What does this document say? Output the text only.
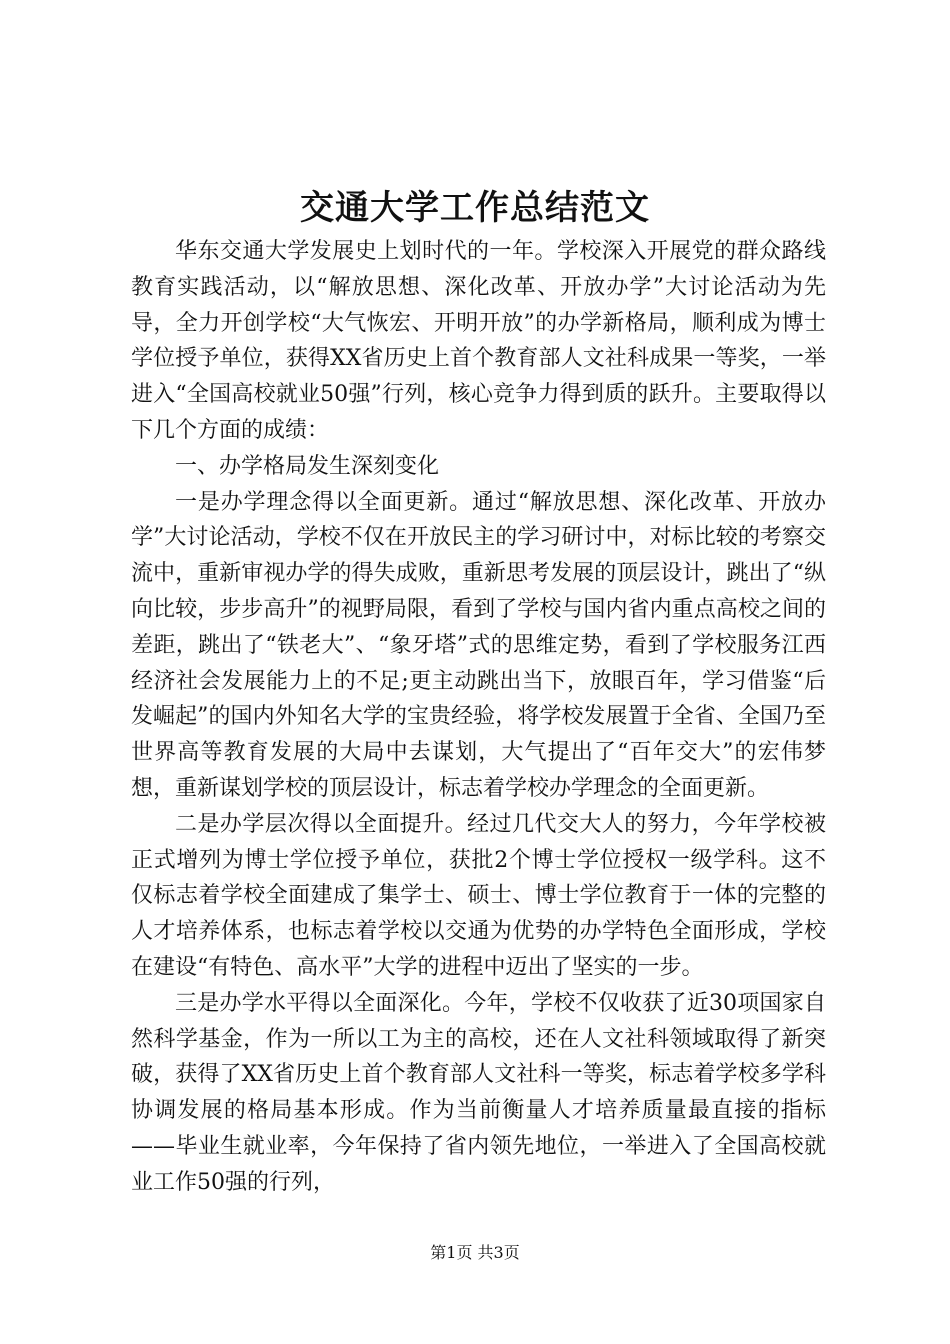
交通大学工作总结范文

华东交通大学发展史上划时代的一年。学校深入开展党的群众路线教育实践活动，以“解放思想、深化改革、开放办学”大讨论活动为先导，全力开创学校“大气恢宏、开明开放”的办学新格局，顺利成为博士学位授予单位，获得XX省历史上首个教育部人文社科成果一等奖，一举进入“全国高校就业50强”行列，核心竞争力得到质的跃升。主要取得以下几个方面的成绩：

一、办学格局发生深刻变化

一是办学理念得以全面更新。通过“解放思想、深化改革、开放办学”大讨论活动，学校不仅在开放民主的学习研讨中，对标比较的考察交流中，重新审视办学的得失成败，重新思考发展的顶层设计，跳出了“纵向比较，步步高升”的视野局限，看到了学校与国内省内重点高校之间的差距，跳出了“铁老大”、“象牙塔”式的思维定势，看到了学校服务江西经济社会发展能力上的不足;更主动跳出当下，放眼百年，学习借鉴“后发崛起”的国内外知名大学的宝贵经验，将学校发展置于全省、全国乃至世界高等教育发展的大局中去谋划，大气提出了“百年交大”的宏伟梦想，重新谋划学校的顶层设计，标志着学校办学理念的全面更新。

二是办学层次得以全面提升。经过几代交大人的努力，今年学校被正式增列为博士学位授予单位，获批2个博士学位授权一级学科。这不仅标志着学校全面建成了集学士、硕士、博士学位教育于一体的完整的人才培养体系，也标志着学校以交通为优势的办学特色全面形成，学校在建设“有特色、高水平”大学的进程中迈出了坚实的一步。

三是办学水平得以全面深化。今年，学校不仅收获了近30项国家自然科学基金，作为一所以工为主的高校，还在人文社科领域取得了新突破，获得了XX省历史上首个教育部人文社科一等奖，标志着学校多学科协调发展的格局基本形成。作为当前衡量人才培养质量最直接的指标——毕业生就业率，今年保持了省内领先地位，一举进入了全国高校就业工作50强的行列，

第1页 共3页
